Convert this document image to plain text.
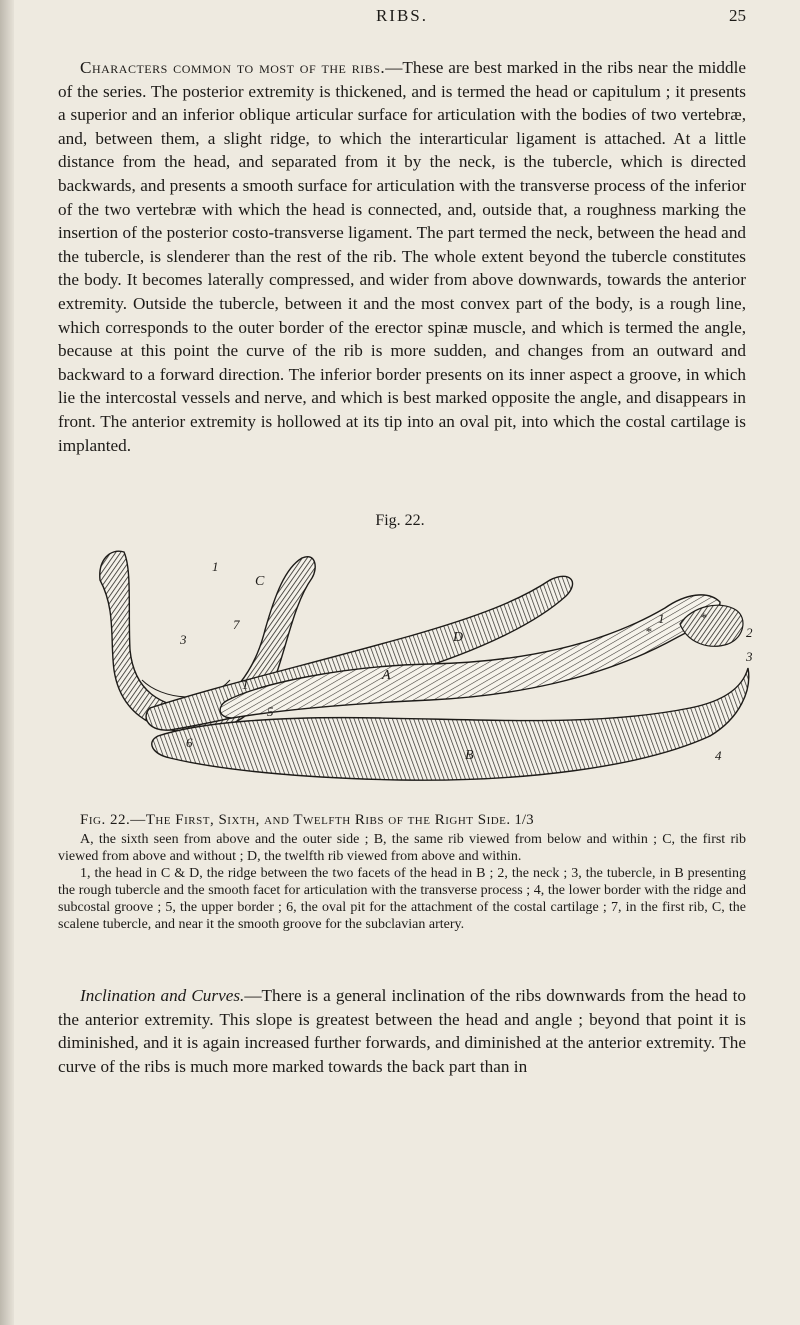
RIBS.	25

Characters common to most of the ribs.—These are best marked in the ribs near the middle of the series. The posterior extremity is thickened, and is termed the head or capitulum ; it presents a superior and an inferior oblique articular surface for articulation with the bodies of two vertebræ, and, between them, a slight ridge, to which the interarticular ligament is attached. At a little distance from the head, and separated from it by the neck, is the tubercle, which is directed backwards, and presents a smooth surface for articulation with the transverse process of the inferior of the two vertebræ with which the head is connected, and, outside that, a roughness marking the insertion of the posterior costo-transverse ligament. The part termed the neck, between the head and the tubercle, is slenderer than the rest of the rib. The whole extent beyond the tubercle constitutes the body. It becomes laterally compressed, and wider from above downwards, towards the anterior extremity. Outside the tubercle, between it and the most convex part of the body, is a rough line, which corresponds to the outer border of the erector spinæ muscle, and which is termed the angle, because at this point the curve of the rib is more sudden, and changes from an outward and backward to a forward direction. The inferior border presents on its inner aspect a groove, in which lie the intercostal vessels and nerve, and which is best marked opposite the angle, and disappears in front. The anterior extremity is hollowed at its tip into an oval pit, into which the costal cartilage is implanted.

Fig. 22.
C
D
A
B
1
3
7
1
5
6
1	*
*	2
3
4
Fig. 22.—The First, Sixth, and Twelfth Ribs of the Right Side. 1/3
A, the sixth seen from above and the outer side ; B, the same rib viewed from below and within ; C, the first rib viewed from above and without ; D, the twelfth rib viewed from above and within.
1, the head in C & D, the ridge between the two facets of the head in B ; 2, the neck ; 3, the tubercle, in B presenting the rough tubercle and the smooth facet for articulation with the transverse process ; 4, the lower border with the ridge and subcostal groove ; 5, the upper border ; 6, the oval pit for the attachment of the costal cartilage ; 7, in the first rib, C, the scalene tubercle, and near it the smooth groove for the subclavian artery.

Inclination and Curves.—There is a general inclination of the ribs downwards from the head to the anterior extremity. This slope is greatest between the head and angle ; beyond that point it is diminished, and it is again increased further forwards, and diminished at the anterior extremity. The curve of the ribs is much more marked towards the back part than in
